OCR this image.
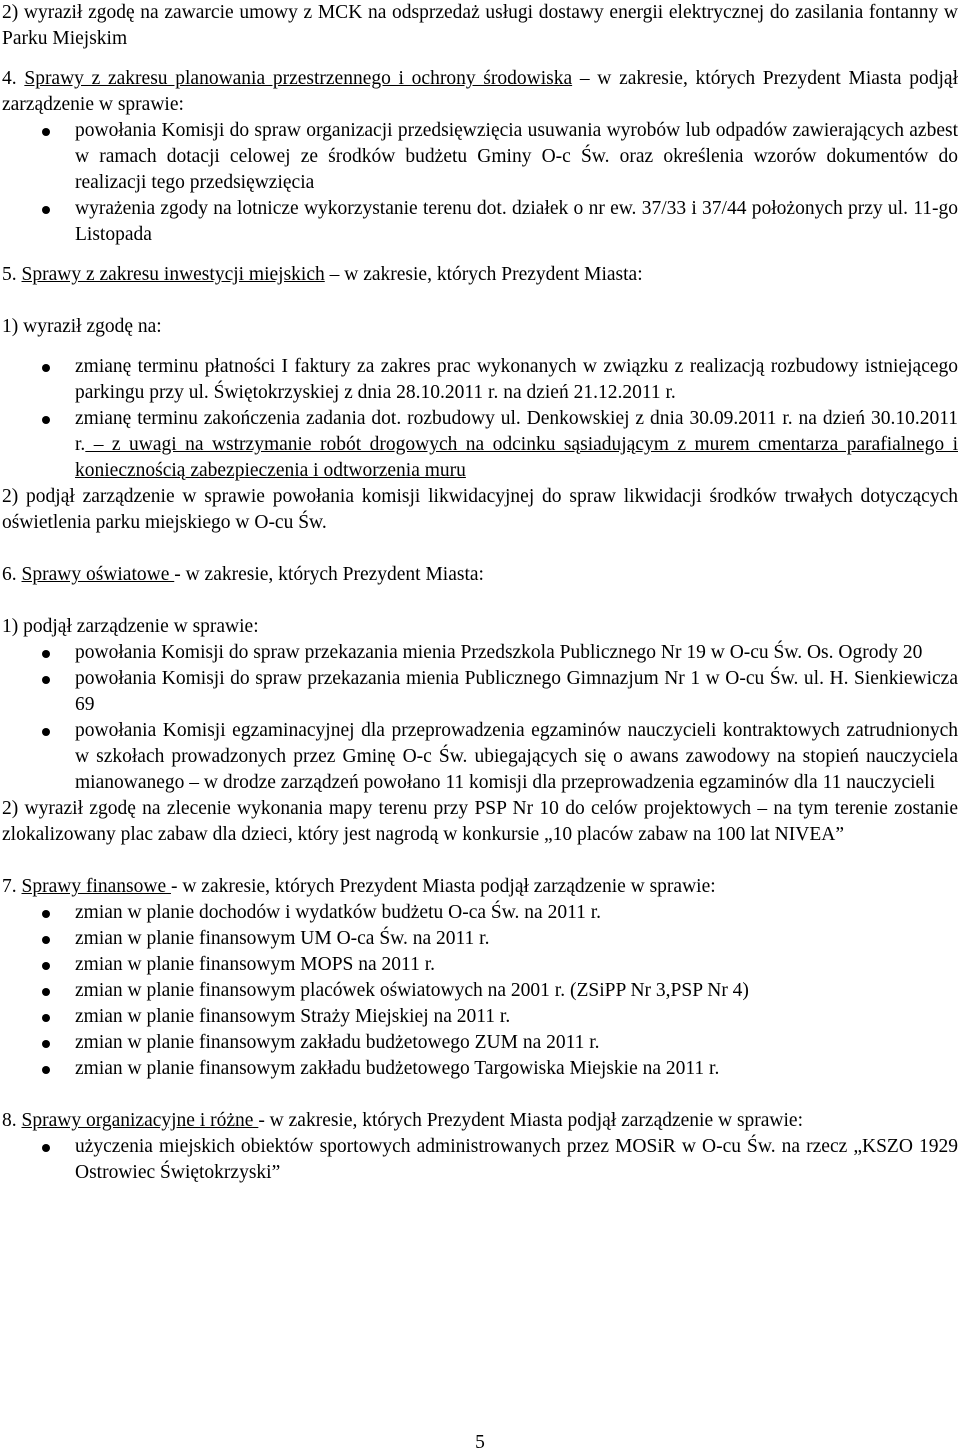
2) wyraził zgodę na zawarcie umowy z MCK na odsprzedaż usługi dostawy energii elektrycznej do zasilania fontanny w Parku Miejskim

4. Sprawy z zakresu planowania przestrzennego i ochrony środowiska – w zakresie, których Prezydent Miasta podjął zarządzenie w sprawie:

powołania Komisji do spraw organizacji przedsięwzięcia usuwania wyrobów lub odpadów zawierających azbest w ramach dotacji celowej ze środków budżetu Gminy O-c Św. oraz określenia wzorów dokumentów do realizacji tego przedsięwzięcia
wyrażenia zgody na lotnicze wykorzystanie terenu dot. działek o nr ew. 37/33 i 37/44 położonych przy ul. 11-go Listopada

5. Sprawy z zakresu inwestycji miejskich – w zakresie, których Prezydent Miasta:

1) wyraził zgodę na:

zmianę terminu płatności I faktury za zakres prac wykonanych w związku z realizacją rozbudowy istniejącego parkingu przy ul. Świętokrzyskiej z dnia 28.10.2011 r. na dzień 21.12.2011 r.
zmianę terminu zakończenia zadania dot. rozbudowy ul. Denkowskiej z dnia 30.09.2011 r. na dzień 30.10.2011 r. – z uwagi na wstrzymanie robót drogowych na odcinku sąsiadującym z murem cmentarza parafialnego i koniecznością zabezpieczenia i odtworzenia muru

2) podjął zarządzenie w sprawie powołania komisji likwidacyjnej do spraw likwidacji środków trwałych dotyczących oświetlenia parku miejskiego w O-cu Św.

6. Sprawy oświatowe - w zakresie, których Prezydent Miasta:

1) podjął zarządzenie w sprawie:

powołania Komisji do spraw przekazania mienia Przedszkola Publicznego Nr 19 w O-cu Św. Os. Ogrody 20
powołania Komisji do spraw przekazania mienia Publicznego Gimnazjum Nr 1 w O-cu Św. ul. H. Sienkiewicza 69
powołania Komisji egzaminacyjnej dla przeprowadzenia egzaminów nauczycieli kontraktowych zatrudnionych w szkołach prowadzonych przez Gminę O-c Św. ubiegających się o awans zawodowy na stopień nauczyciela mianowanego – w drodze zarządzeń powołano 11 komisji dla przeprowadzenia egzaminów dla 11 nauczycieli

2) wyraził zgodę na zlecenie wykonania mapy terenu przy PSP Nr 10 do celów projektowych – na tym terenie zostanie zlokalizowany plac zabaw dla dzieci, który jest nagrodą w konkursie „10 placów zabaw na 100 lat NIVEA”

7. Sprawy finansowe - w zakresie, których Prezydent Miasta podjął zarządzenie w sprawie:

zmian w planie dochodów i wydatków budżetu O-ca Św. na 2011 r.
zmian w planie finansowym UM O-ca Św. na 2011 r.
zmian w planie finansowym MOPS na 2011 r.
zmian w planie finansowym placówek oświatowych na 2001 r. (ZSiPP Nr 3,PSP Nr 4)
zmian w planie finansowym Straży Miejskiej na 2011 r.
zmian w planie finansowym zakładu budżetowego ZUM na 2011 r.
zmian w planie finansowym zakładu budżetowego Targowiska Miejskie na 2011 r.

8. Sprawy organizacyjne i różne - w zakresie, których Prezydent Miasta podjął zarządzenie w sprawie:

użyczenia miejskich obiektów sportowych administrowanych przez MOSiR w O-cu Św. na rzecz „KSZO 1929 Ostrowiec Świętokrzyski”
5
